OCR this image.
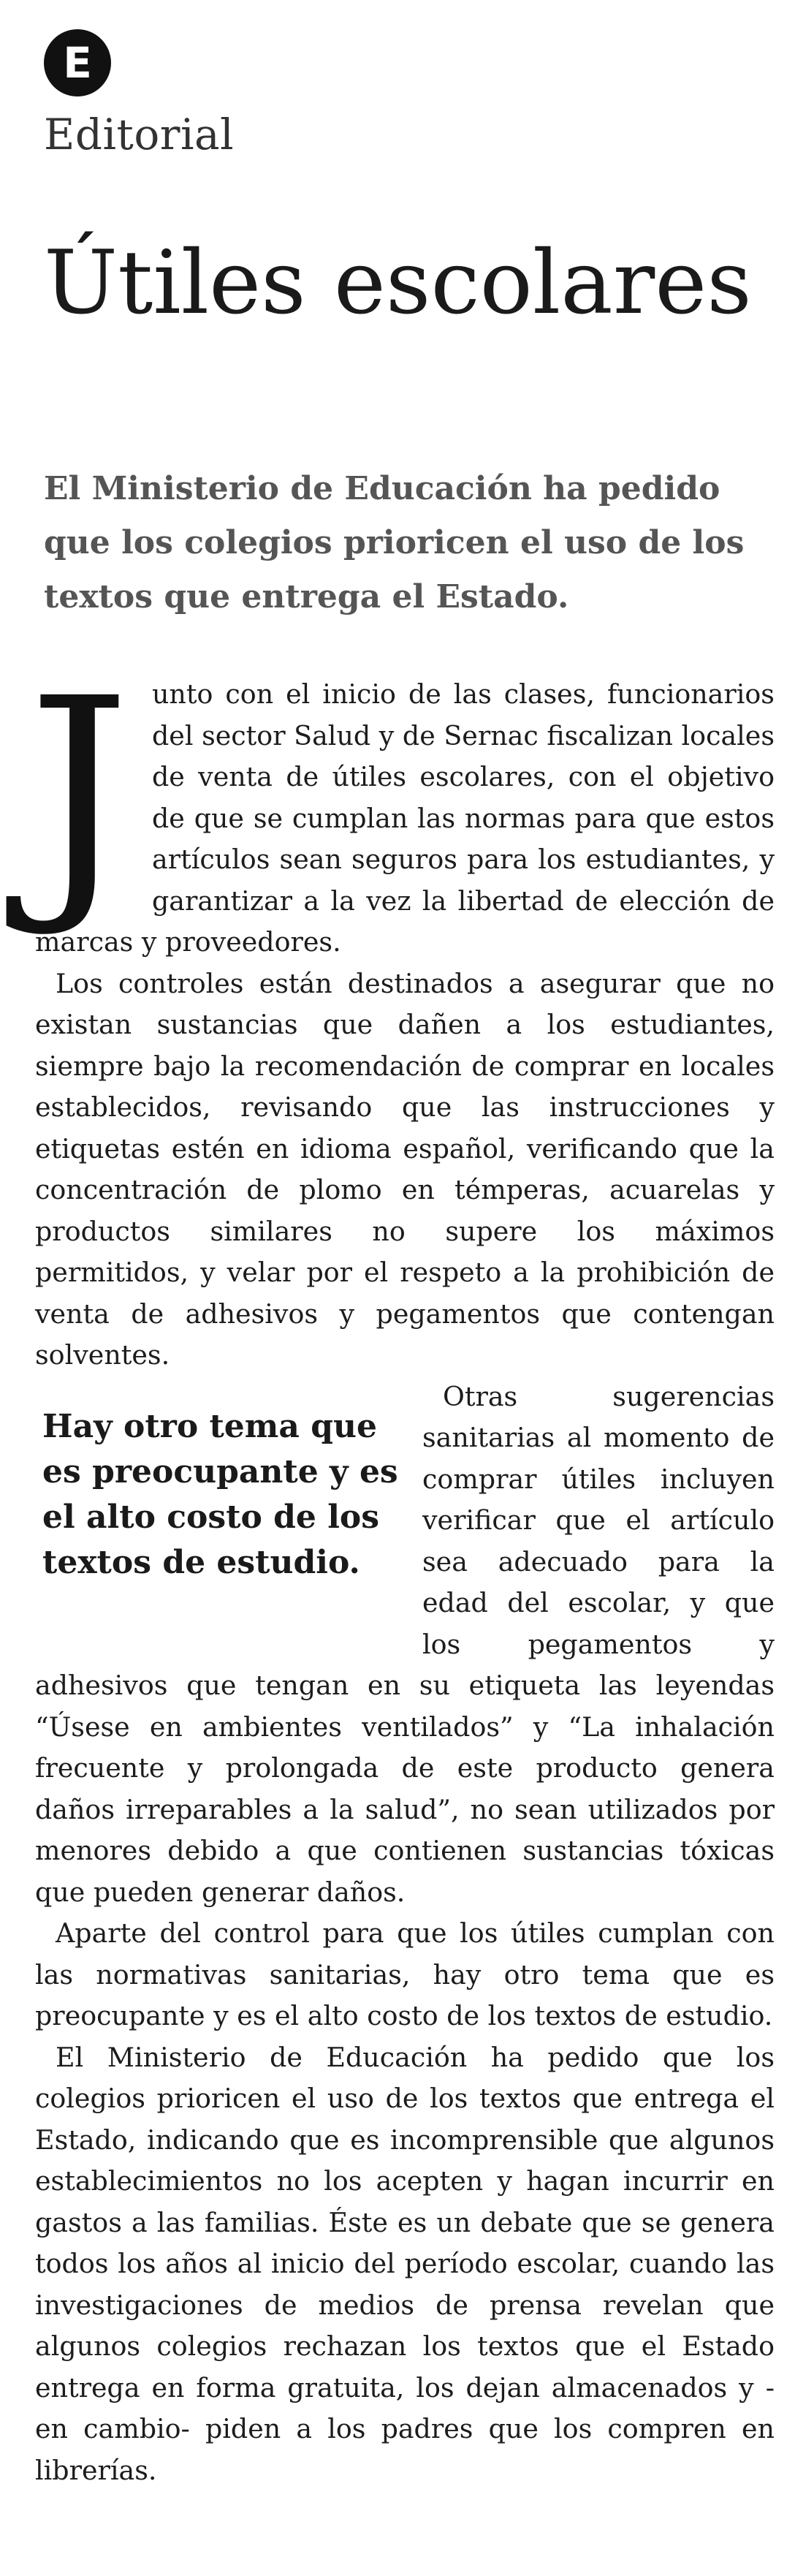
E
Editorial
Útiles escolares

El Ministerio de Educación ha pedido que los colegios prioricen el uso de los textos que entrega el Estado.

Junto con el inicio de las clases, funcionarios del sector Salud y de Sernac fiscalizan locales de venta de útiles escolares, con el objetivo de que se cumplan las normas para que estos artículos sean seguros para los estudiantes, y garantizar a la vez la libertad de elección de marcas y proveedores.

Los controles están destinados a asegurar que no existan sustancias que dañen a los estudiantes, siempre bajo la recomendación de comprar en locales establecidos, revisando que las instrucciones y etiquetas estén en idioma español, verificando que la concentración de plomo en témperas, acuarelas y productos similares no supere los máximos permitidos, y velar por el respeto a la prohibición de venta de adhesivos y pegamentos que contengan solventes.

Hay otro tema que es preocupante y es el alto costo de los textos de estudio.
Otras sugerencias sanitarias al momento de comprar útiles incluyen verificar que el artículo sea adecuado para la edad del escolar, y que los pegamentos y adhesivos que tengan en su etiqueta las leyendas “Úsese en ambientes ventilados” y “La inhalación frecuente y prolongada de este producto genera daños irreparables a la salud”, no sean utilizados por menores debido a que contienen sustancias tóxicas que pueden generar daños.

Aparte del control para que los útiles cumplan con las normativas sanitarias, hay otro tema que es preocupante y es el alto costo de los textos de estudio.

El Ministerio de Educación ha pedido que los colegios prioricen el uso de los textos que entrega el Estado, indicando que es incomprensible que algunos establecimientos no los acepten y hagan incurrir en gastos a las familias. Éste es un debate que se genera todos los años al inicio del período escolar, cuando las investigaciones de medios de prensa revelan que algunos colegios rechazan los textos que el Estado entrega en forma gratuita, los dejan almacenados y - en cambio- piden a los padres que los compren en librerías.
